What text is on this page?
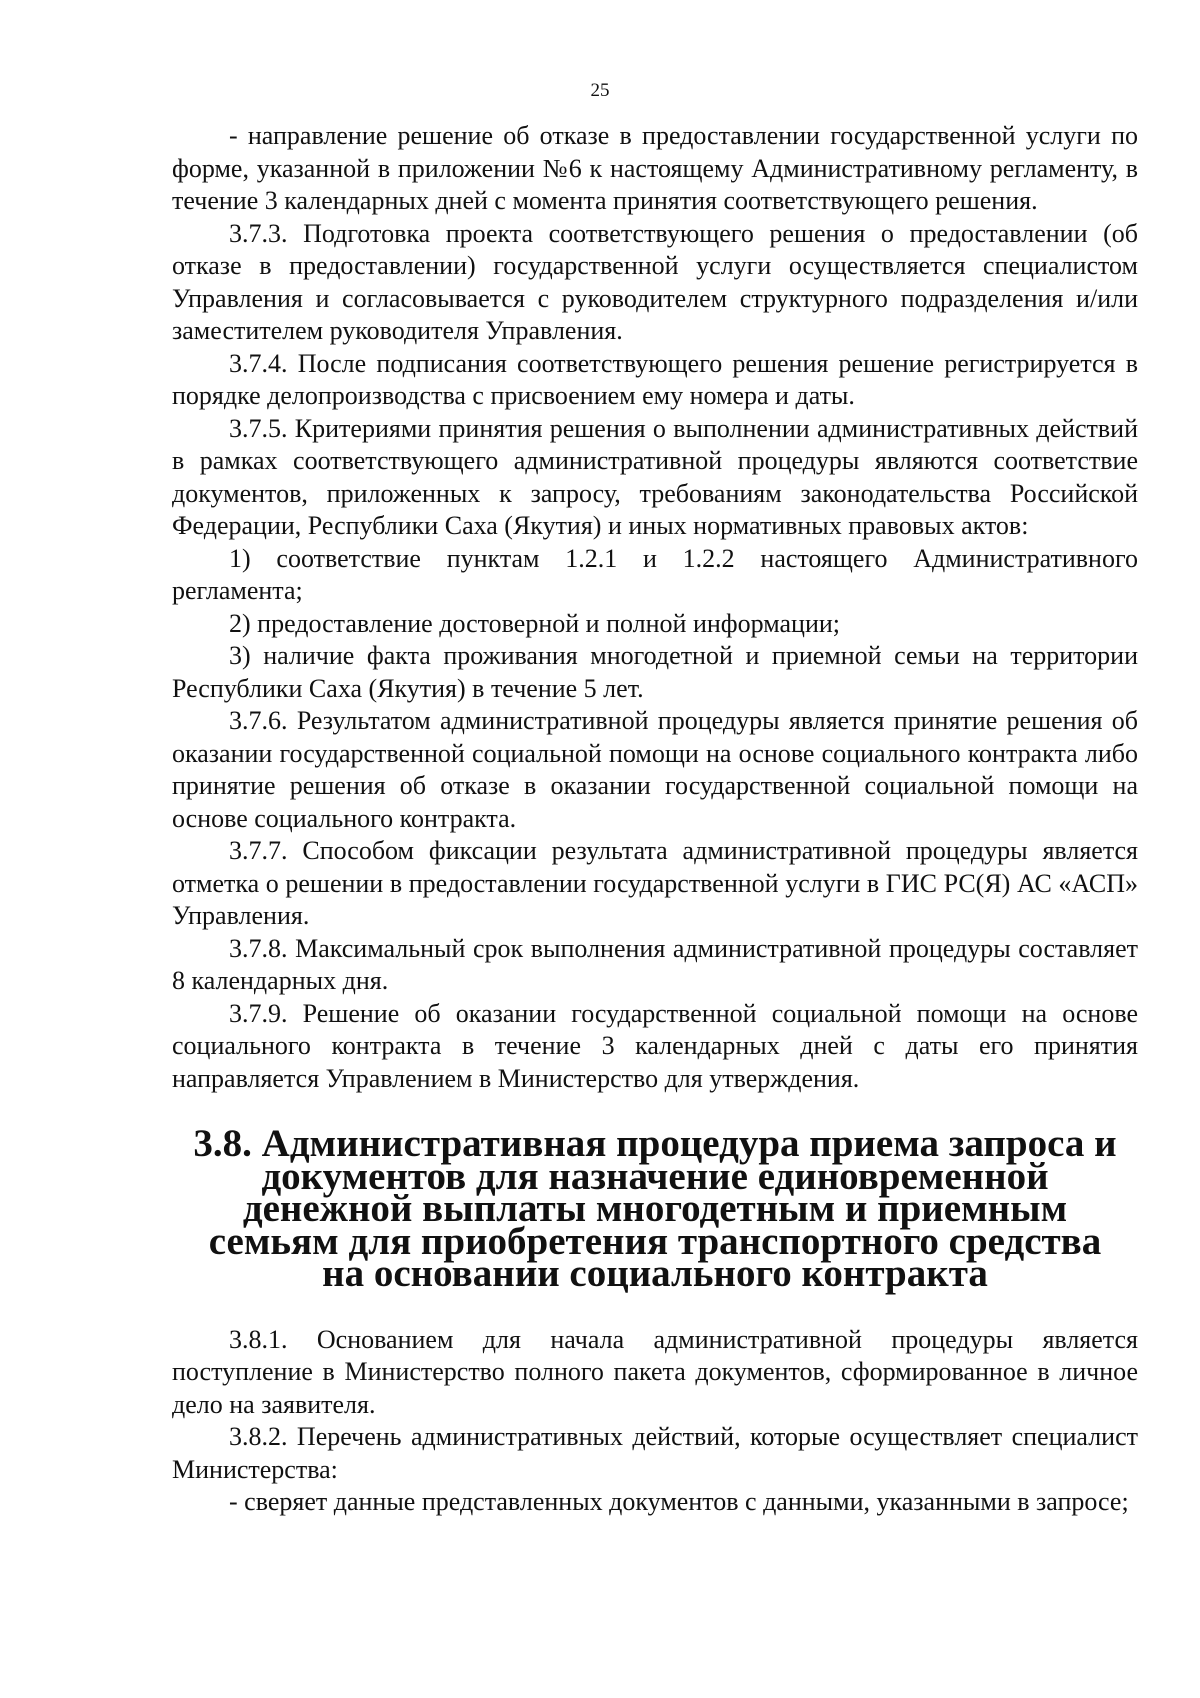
25

- направление решение об отказе в предоставлении государственной услуги по форме, указанной в приложении №6 к настоящему Административному регламенту, в течение 3 календарных дней с момента принятия соответствующего решения.

3.7.3. Подготовка проекта соответствующего решения о предоставлении (об отказе в предоставлении) государственной услуги осуществляется специалистом Управления и согласовывается с руководителем структурного подразделения и/или заместителем руководителя Управления.

3.7.4. После подписания соответствующего решения решение регистрируется в порядке делопроизводства с присвоением ему номера и даты.

3.7.5. Критериями принятия решения о выполнении административных действий в рамках соответствующего административной процедуры являются соответствие документов, приложенных к запросу, требованиям законодательства Российской Федерации, Республики Саха (Якутия) и иных нормативных правовых актов:

1) соответствие пунктам 1.2.1 и 1.2.2 настоящего Административного регламента;

2) предоставление достоверной и полной информации;

3) наличие факта проживания многодетной и приемной семьи на территории Республики Саха (Якутия) в течение 5 лет.

3.7.6. Результатом административной процедуры является принятие решения об оказании государственной социальной помощи на основе социального контракта либо принятие решения об отказе в оказании государственной социальной помощи на основе социального контракта.

3.7.7. Способом фиксации результата административной процедуры является отметка о решении в предоставлении государственной услуги в ГИС РС(Я) АС «АСП» Управления.

3.7.8. Максимальный срок выполнения административной процедуры составляет 8 календарных дня.

3.7.9. Решение об оказании государственной социальной помощи на основе социального контракта в течение 3 календарных дней с даты его принятия направляется Управлением в Министерство для утверждения.

3.8. Административная процедура приема запроса и документов для назначение единовременной денежной выплаты многодетным и приемным семьям для приобретения транспортного средства на основании социального контракта

3.8.1. Основанием для начала административной процедуры является поступление в Министерство полного пакета документов, сформированное в личное дело на заявителя.

3.8.2. Перечень административных действий, которые осуществляет специалист Министерства:

- сверяет данные представленных документов с данными, указанными в запросе;
